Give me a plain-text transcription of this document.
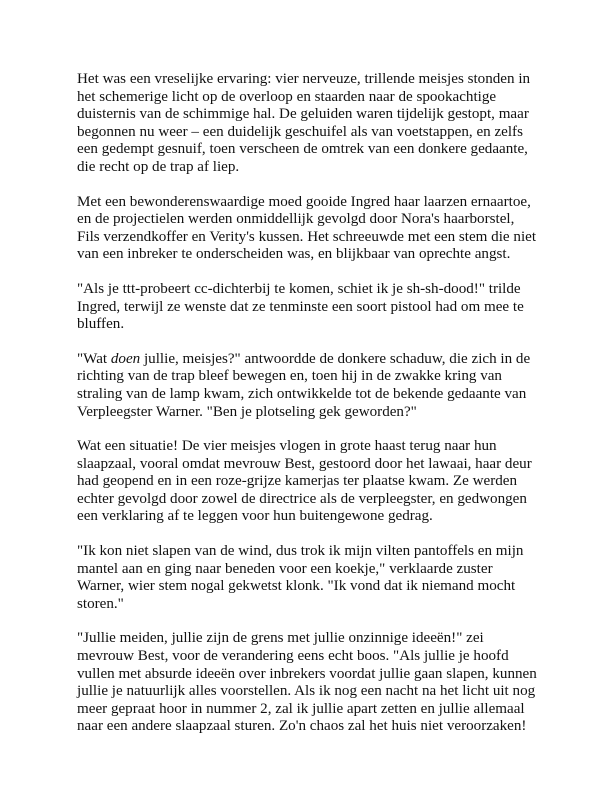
Het was een vreselijke ervaring: vier nerveuze, trillende meisjes stonden in
het schemerige licht op de overloop en staarden naar de spookachtige
duisternis van de schimmige hal. De geluiden waren tijdelijk gestopt, maar
begonnen nu weer – een duidelijk geschuifel als van voetstappen, en zelfs
een gedempt gesnuif, toen verscheen de omtrek van een donkere gedaante,
die recht op de trap af liep.

Met een bewonderenswaardige moed gooide Ingred haar laarzen ernaartoe,
en de projectielen werden onmiddellijk gevolgd door Nora's haarborstel,
Fils verzendkoffer en Verity's kussen. Het schreeuwde met een stem die niet
van een inbreker te onderscheiden was, en blijkbaar van oprechte angst.

"Als je ttt-probeert cc-dichterbij te komen, schiet ik je sh-sh-dood!" trilde
Ingred, terwijl ze wenste dat ze tenminste een soort pistool had om mee te
bluffen.

"Wat doen jullie, meisjes?" antwoordde de donkere schaduw, die zich in de
richting van de trap bleef bewegen en, toen hij in de zwakke kring van
straling van de lamp kwam, zich ontwikkelde tot de bekende gedaante van
Verpleegster Warner. "Ben je plotseling gek geworden?"

Wat een situatie! De vier meisjes vlogen in grote haast terug naar hun
slaapzaal, vooral omdat mevrouw Best, gestoord door het lawaai, haar deur
had geopend en in een roze-grijze kamerjas ter plaatse kwam. Ze werden
echter gevolgd door zowel de directrice als de verpleegster, en gedwongen
een verklaring af te leggen voor hun buitengewone gedrag.

"Ik kon niet slapen van de wind, dus trok ik mijn vilten pantoffels en mijn
mantel aan en ging naar beneden voor een koekje," verklaarde zuster
Warner, wier stem nogal gekwetst klonk. "Ik vond dat ik niemand mocht
storen."

"Jullie meiden, jullie zijn de grens met jullie onzinnige ideeën!" zei
mevrouw Best, voor de verandering eens echt boos. "Als jullie je hoofd
vullen met absurde ideeën over inbrekers voordat jullie gaan slapen, kunnen
jullie je natuurlijk alles voorstellen. Als ik nog een nacht na het licht uit nog
meer gepraat hoor in nummer 2, zal ik jullie apart zetten en jullie allemaal
naar een andere slaapzaal sturen. Zo'n chaos zal het huis niet veroorzaken!
